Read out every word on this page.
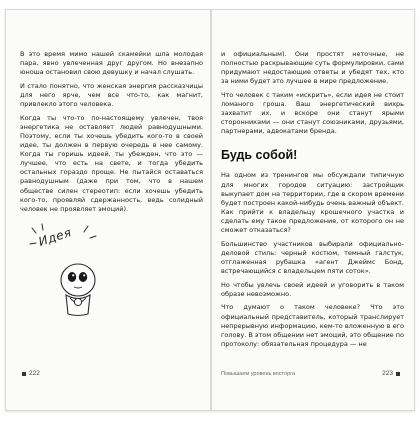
В это время мимо нашей скамейки шла молодая пара, явно увлеченная друг другом. Но внезапно юноша остановил свою девушку и начал слушать.

И стало понятно, что женская энергия рассказчицы для него ярче, чем все что-то, как магнит, привлекло этого человека.

Когда ты что-то по-настоящему увлечен, твоя энергетика не оставляет людей равнодушными. Поэтому, если ты хочешь убедить кого-то в своей идее, ты должен в первую очередь в нее самому. Когда ты горишь идеей, ты убежден, что это — лучшее, что есть на свете, и тогда убедить остальных гораздо проще. Не пытайся оставаться равнодушным (даже при том, что в нашем обществе силен стереотип: если хочешь убедить кого-то, проявляй сдержанность, ведь солидный человек не проявляет эмоций).

Идея

и официальным). Они простят неточные, не полностью раскрывающие суть формулировки, сами придумают недостающие ответы и убедят тех, кто за ними будет это лучшее в мире предложение.

Что человек с таким «искрить», если идея не стоит ломаного гроша. Ваш энергетический вихрь захватит их, и вскоре они станут ярыми сторонниками — они станут союзниками, друзьями, партнерами, адвокатами бренда.

Будь собой!

На одном из тренингов мы обсуждали типичную для многих городов ситуацию: застройщик выкупает дом на территории, где в скором времени будет построен какой-нибудь очень важный объект. Как прийти к владельцу крошечного участка и сделать ему такое предложение, от которого он не сможет отказаться?

Большинство участников выбирали официально-деловой стиль: черный костюм, темный галстук, отглаженная рубашка «агент Джеймс Бонд, встречающийся с владельцем пяти соток».

Но чтобы увлечь своей идеей и уговорить в таком образе невозможно.

Что думают о таком человеке? Что это официальный представитель, который транслирует непрерывную информацию, кем-то вложенную в его голову. В этом общении нет эмоций, это общение по протоколу: обязательная процедура — не

222	Повышаем уровень восторга	223
